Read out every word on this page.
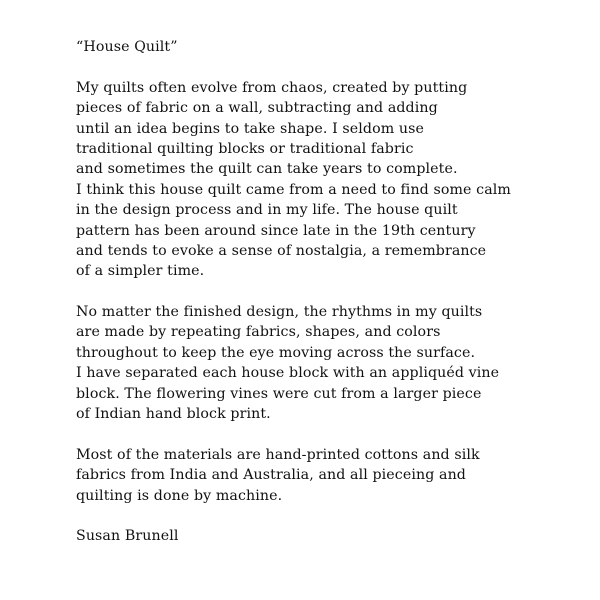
“House Quilt”
My quilts often evolve from chaos, created by putting
pieces of fabric on a wall, subtracting and adding
until an idea begins to take shape. I seldom use
traditional quilting blocks or traditional fabric
and sometimes the quilt can take years to complete.
I think this house quilt came from a need to find some calm
in the design process and in my life. The house quilt
pattern has been around since late in the 19th century
and tends to evoke a sense of nostalgia, a remembrance
of a simpler time.
No matter the finished design, the rhythms in my quilts
are made by repeating fabrics, shapes, and colors
throughout to keep the eye moving across the surface.
I have separated each house block with an appliquéd vine
block. The flowering vines were cut from a larger piece
of Indian hand block print.
Most of the materials are hand-printed cottons and silk
fabrics from India and Australia, and all pieceing and
quilting is done by machine.
Susan Brunell
